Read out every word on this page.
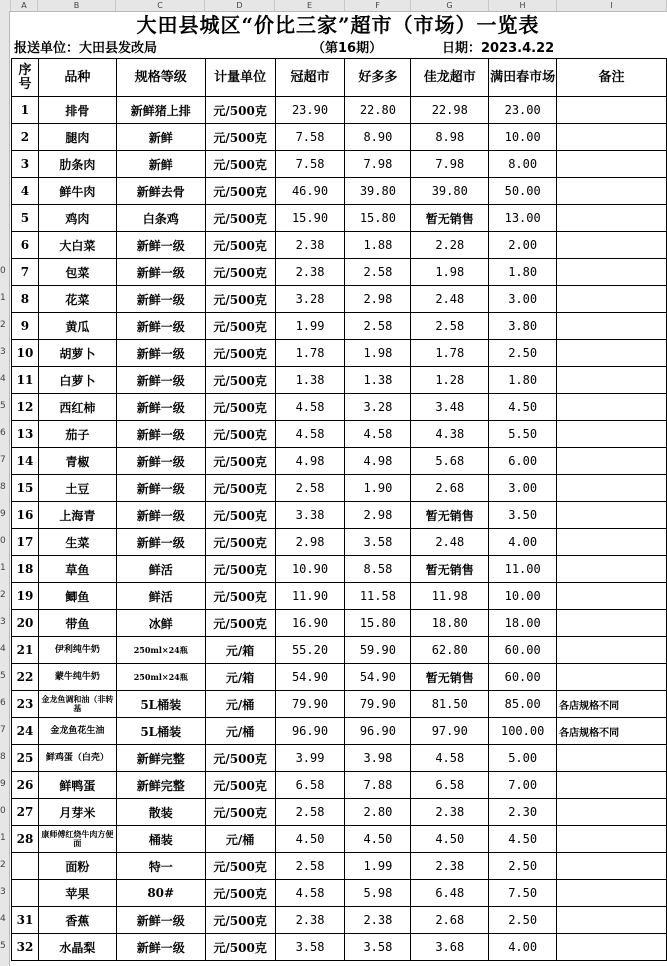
A	B	C	D	E	F	G	H	I
0
1
2
3
4
5
6
7
8
9
0
1
2
3
4
5
6
7
8
9
0
1
2
3
4
5
大田县城区“价比三家”超市（市场）一览表
报送单位：大田县发改局	（第16期）	日期：2023.4.22
序号	品种	规格等级	计量单位	冠超市	好多多	佳龙超市	满田春市场	备注
1	排骨	新鲜猪上排	元/500克	23.90	22.80	22.98	23.00	
2	腿肉	新鲜	元/500克	7.58	8.90	8.98	10.00	
3	肋条肉	新鲜	元/500克	7.58	7.98	7.98	8.00	
4	鲜牛肉	新鲜去骨	元/500克	46.90	39.80	39.80	50.00	
5	鸡肉	白条鸡	元/500克	15.90	15.80	暂无销售	13.00	
6	大白菜	新鲜一级	元/500克	2.38	1.88	2.28	2.00	
7	包菜	新鲜一级	元/500克	2.38	2.58	1.98	1.80	
8	花菜	新鲜一级	元/500克	3.28	2.98	2.48	3.00	
9	黄瓜	新鲜一级	元/500克	1.99	2.58	2.58	3.80	
10	胡萝卜	新鲜一级	元/500克	1.78	1.98	1.78	2.50	
11	白萝卜	新鲜一级	元/500克	1.38	1.38	1.28	1.80	
12	西红柿	新鲜一级	元/500克	4.58	3.28	3.48	4.50	
13	茄子	新鲜一级	元/500克	4.58	4.58	4.38	5.50	
14	青椒	新鲜一级	元/500克	4.98	4.98	5.68	6.00	
15	土豆	新鲜一级	元/500克	2.58	1.90	2.68	3.00	
16	上海青	新鲜一级	元/500克	3.38	2.98	暂无销售	3.50	
17	生菜	新鲜一级	元/500克	2.98	3.58	2.48	4.00	
18	草鱼	鲜活	元/500克	10.90	8.58	暂无销售	11.00	
19	鲫鱼	鲜活	元/500克	11.90	11.58	11.98	10.00	
20	带鱼	冰鲜	元/500克	16.90	15.80	18.80	18.00	
21	伊利纯牛奶	250ml×24瓶	元/箱	55.20	59.90	62.80	60.00	
22	蒙牛纯牛奶	250ml×24瓶	元/箱	54.90	54.90	暂无销售	60.00	
23	金龙鱼调和油（非转基	5L桶装	元/桶	79.90	79.90	81.50	85.00	各店规格不同
24	金龙鱼花生油	5L桶装	元/桶	96.90	96.90	97.90	100.00	各店规格不同
25	鲜鸡蛋（白壳）	新鲜完整	元/500克	3.99	3.98	4.58	5.00	
26	鲜鸭蛋	新鲜完整	元/500克	6.58	7.88	6.58	7.00	
27	月芽米	散装	元/500克	2.58	2.80	2.38	2.30	
28	康师傅红烧牛肉方便面	桶装	元/桶	4.50	4.50	4.50	4.50	
	面粉	特一	元/500克	2.58	1.99	2.38	2.50	
	苹果	80#	元/500克	4.58	5.98	6.48	7.50	
31	香蕉	新鲜一级	元/500克	2.38	2.38	2.68	2.50	
32	水晶梨	新鲜一级	元/500克	3.58	3.58	3.68	4.00	
